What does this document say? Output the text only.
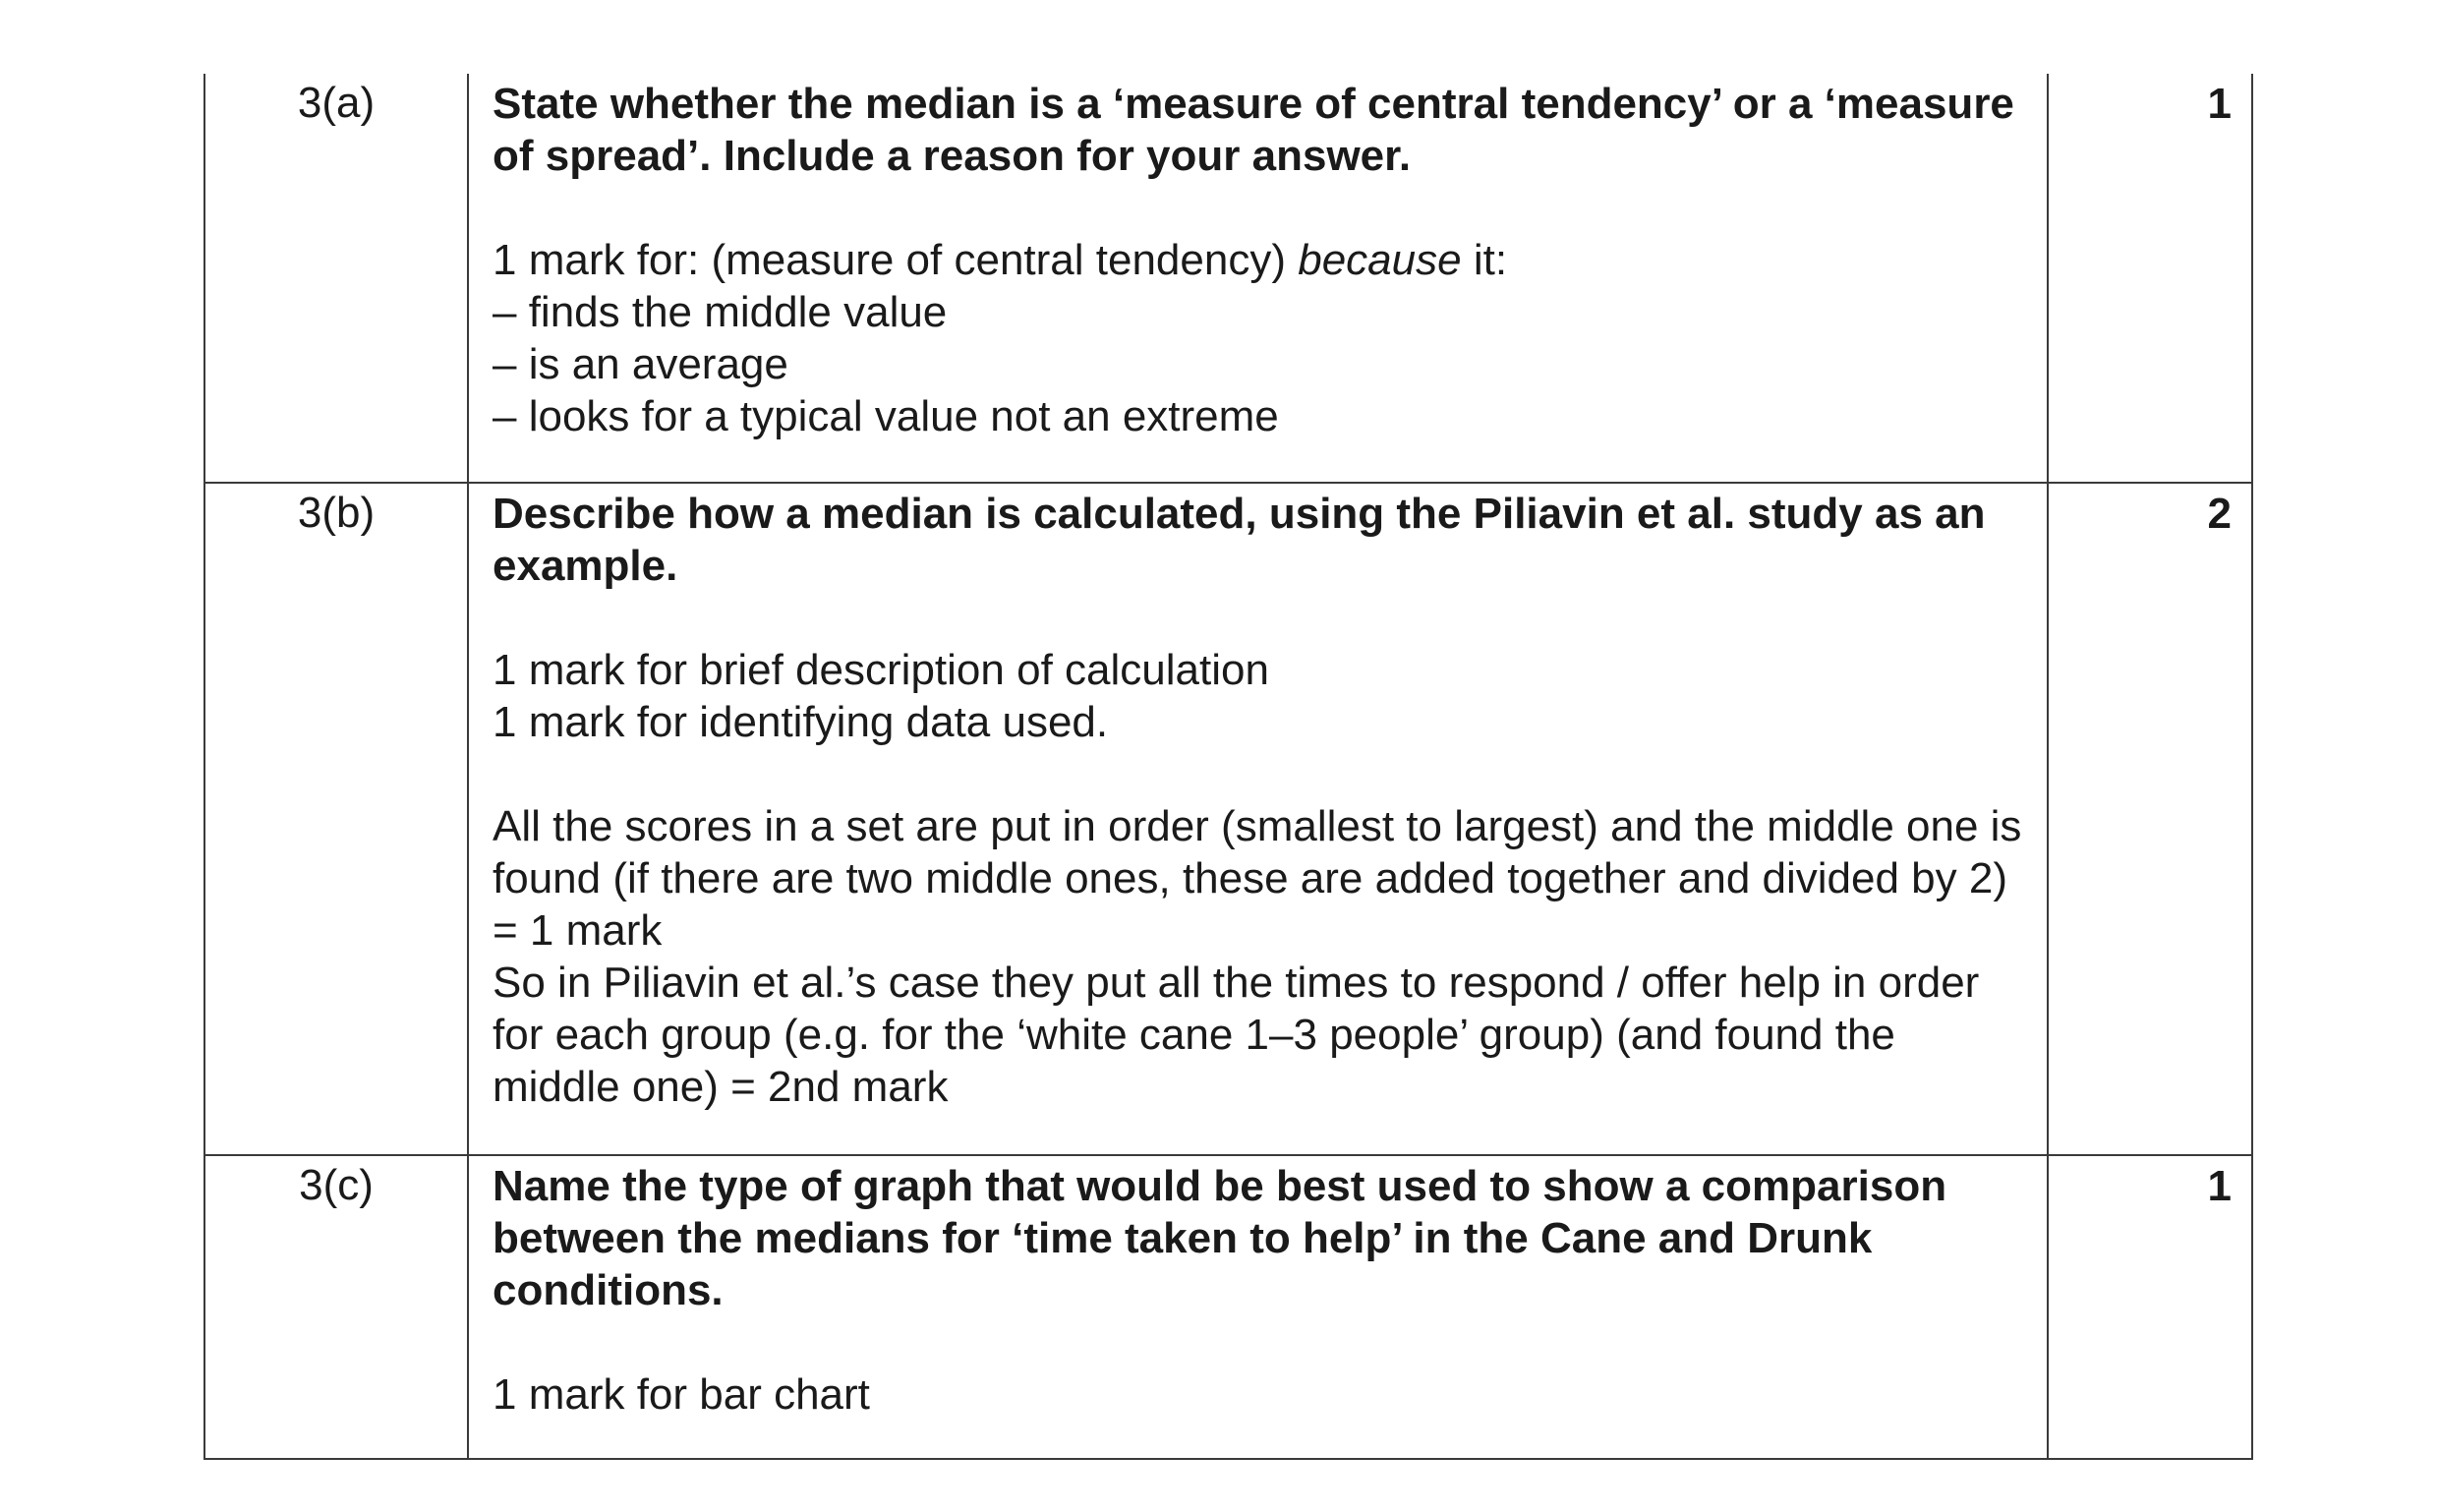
3(a)	State whether the median is a ‘measure of central tendency’ or a ‘measure of spread’. Include a reason for your answer.

1 mark for: (measure of central tendency) because it:
– finds the middle value
– is an average
– looks for a typical value not an extreme	1
3(b)	Describe how a median is calculated, using the Piliavin et al. study as an example.

1 mark for brief description of calculation
1 mark for identifying data used.
All the scores in a set are put in order (smallest to largest) and the middle one is found (if there are two middle ones, these are added together and divided by 2) = 1 mark
So in Piliavin et al.’s case they put all the times to respond / offer help in order for each group (e.g. for the ‘white cane 1–3 people’ group) (and found the middle one) = 2nd mark	2
3(c)	Name the type of graph that would be best used to show a comparison between the medians for ‘time taken to help’ in the Cane and Drunk conditions.

1 mark for bar chart	1
